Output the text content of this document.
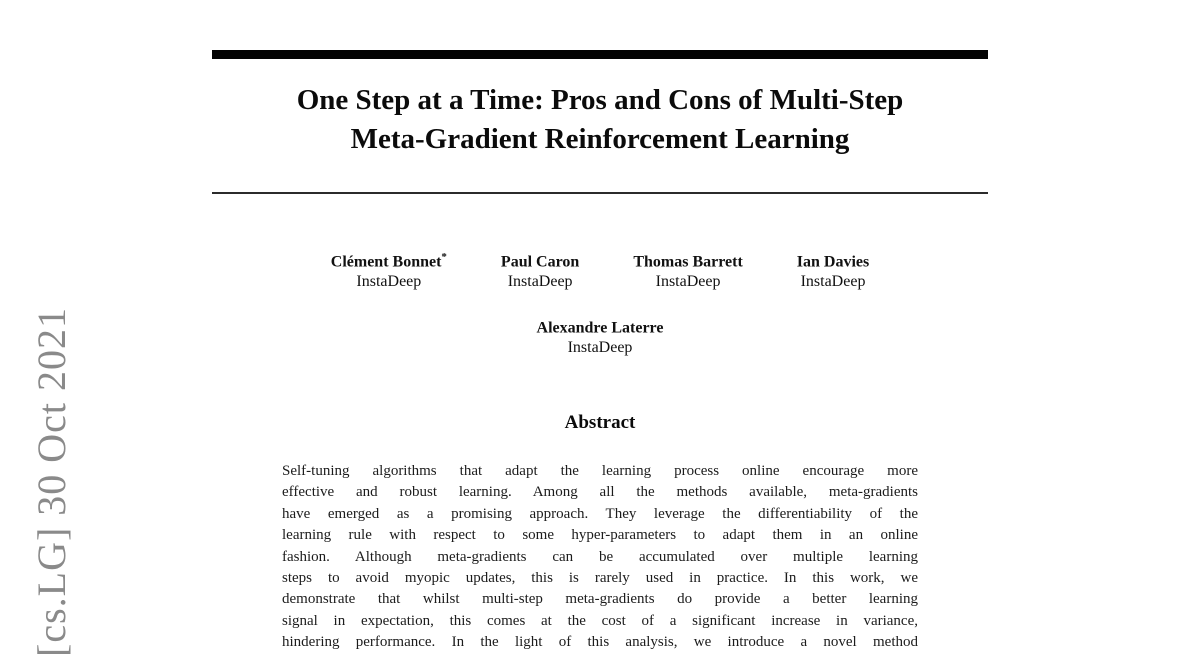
[cs.LG] 30 Oct 2021
One Step at a Time: Pros and Cons of Multi-Step
Meta-Gradient Reinforcement Learning
Clément Bonnet*
InstaDeep
Paul Caron
InstaDeep
Thomas Barrett
InstaDeep
Ian Davies
InstaDeep
Alexandre Laterre
InstaDeep
Abstract
Self-tuning algorithms that adapt the learning process online encourage more
effective and robust learning. Among all the methods available, meta-gradients
have emerged as a promising approach. They leverage the differentiability of the
learning rule with respect to some hyper-parameters to adapt them in an online
fashion. Although meta-gradients can be accumulated over multiple learning
steps to avoid myopic updates, this is rarely used in practice. In this work, we
demonstrate that whilst multi-step meta-gradients do provide a better learning
signal in expectation, this comes at the cost of a significant increase in variance,
hindering performance. In the light of this analysis, we introduce a novel method
